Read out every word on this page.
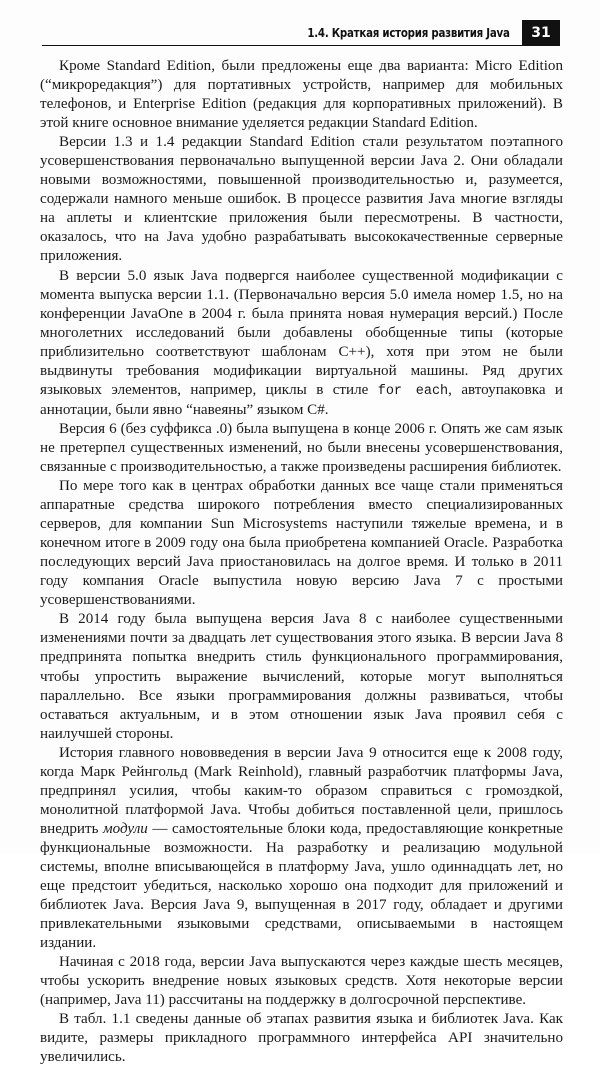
1.4. Краткая история развития Java	31

Кроме Standard Edition, были предложены еще два варианта: Micro Edition (“микроредакция”) для портативных устройств, например для мобильных телефонов, и Enterprise Edition (редакция для корпоративных приложений). В этой книге основное внимание уделяется редакции Standard Edition.

Версии 1.3 и 1.4 редакции Standard Edition стали результатом поэтапного усовершенствования первоначально выпущенной версии Java 2. Они обладали новыми возможностями, повышенной производительностью и, разумеется, содержали намного меньше ошибок. В процессе развития Java многие взгляды на аплеты и клиентские приложения были пересмотрены. В частности, оказалось, что на Java удобно разрабатывать высококачественные серверные приложения.

В версии 5.0 язык Java подвергся наиболее существенной модификации с момента выпуска версии 1.1. (Первоначально версия 5.0 имела номер 1.5, но на конференции JavaOne в 2004 г. была принята новая нумерация версий.) После многолетних исследований были добавлены обобщенные типы (которые приблизительно соответствуют шаблонам C++), хотя при этом не были выдвинуты требования модификации виртуальной машины. Ряд других языковых элементов, например, циклы в стиле for each, автоупаковка и аннотации, были явно “навеяны” языком C#.

Версия 6 (без суффикса .0) была выпущена в конце 2006 г. Опять же сам язык не претерпел существенных изменений, но были внесены усовершенствования, связанные с производительностью, а также произведены расширения библиотек.

По мере того как в центрах обработки данных все чаще стали применяться аппаратные средства широкого потребления вместо специализированных серверов, для компании Sun Microsystems наступили тяжелые времена, и в конечном итоге в 2009 году она была приобретена компанией Oracle. Разработка последующих версий Java приостановилась на долгое время. И только в 2011 году компания Oracle выпустила новую версию Java 7 с простыми усовершенствованиями.

В 2014 году была выпущена версия Java 8 с наиболее существенными изменениями почти за двадцать лет существования этого языка. В версии Java 8 предпринята попытка внедрить стиль функционального программирования, чтобы упростить выражение вычислений, которые могут выполняться параллельно. Все языки программирования должны развиваться, чтобы оставаться актуальным, и в этом отношении язык Java проявил себя с наилучшей стороны.

История главного нововведения в версии Java 9 относится еще к 2008 году, когда Марк Рейнгольд (Mark Reinhold), главный разработчик платформы Java, предпринял усилия, чтобы каким-то образом справиться с громоздкой, монолитной платформой Java. Чтобы добиться поставленной цели, пришлось внедрить модули — самостоятельные блоки кода, предоставляющие конкретные функциональные возможности. На разработку и реализацию модульной системы, вполне вписывающейся в платформу Java, ушло одиннадцать лет, но еще предстоит убедиться, насколько хорошо она подходит для приложений и библиотек Java. Версия Java 9, выпущенная в 2017 году, обладает и другими привлекательными языковыми средствами, описываемыми в настоящем издании.

Начиная с 2018 года, версии Java выпускаются через каждые шесть месяцев, чтобы ускорить внедрение новых языковых средств. Хотя некоторые версии (например, Java 11) рассчитаны на поддержку в долгосрочной перспективе.

В табл. 1.1 сведены данные об этапах развития языка и библиотек Java. Как видите, размеры прикладного программного интерфейса API значительно увеличились.
